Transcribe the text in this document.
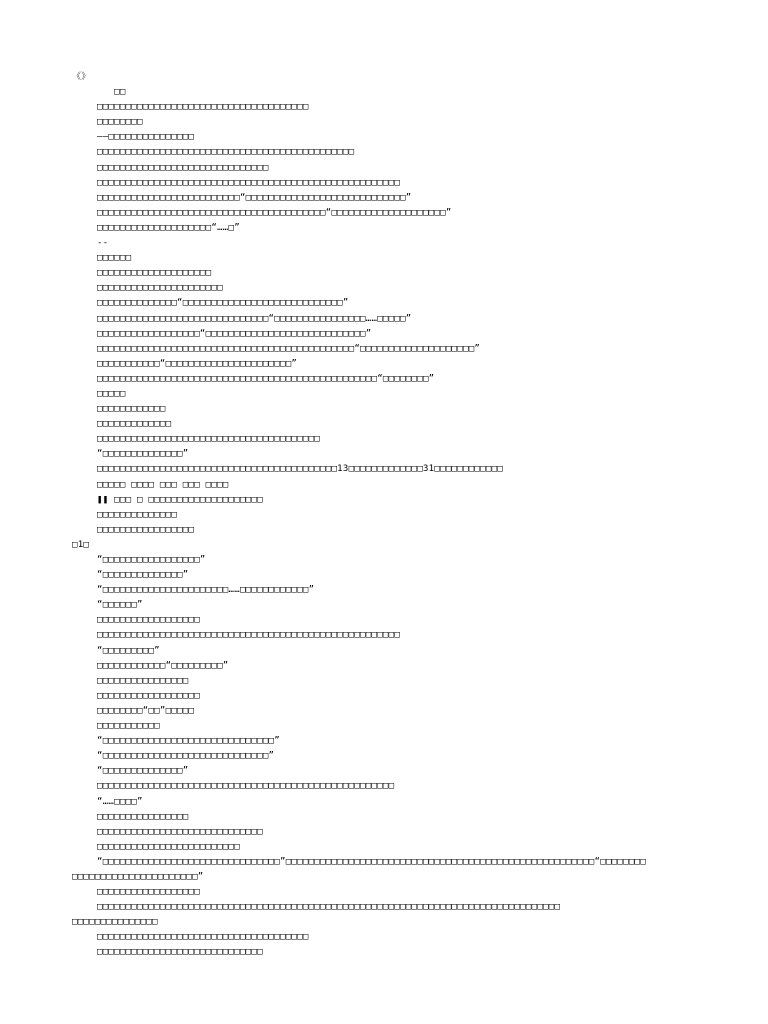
《》
□□
□□□□□□□□□□□□□□□□□□□□□□□□□□□□□□□□□□□□□
□□□□□□□□
——□□□□□□□□□□□□□□□
□□□□□□□□□□□□□□□□□□□□□□□□□□□□□□□□□□□□□□□□□□□□□
□□□□□□□□□□□□□□□□□□□□□□□□□□□□□□
□□□□□□□□□□□□□□□□□□□□□□□□□□□□□□□□□□□□□□□□□□□□□□□□□□□□□
□□□□□□□□□□□□□□□□□□□□□□□□□“□□□□□□□□□□□□□□□□□□□□□□□□□□□□”
□□□□□□□□□□□□□□□□□□□□□□□□□□□□□□□□□□□□□□□□“□□□□□□□□□□□□□□□□□□□□”
□□□□□□□□□□□□□□□□□□□□“……□”
--
□□□□□□
□□□□□□□□□□□□□□□□□□□□
□□□□□□□□□□□□□□□□□□□□□□
□□□□□□□□□□□□□□“□□□□□□□□□□□□□□□□□□□□□□□□□□□□”
□□□□□□□□□□□□□□□□□□□□□□□□□□□□□□“□□□□□□□□□□□□□□□□……□□□□□”
□□□□□□□□□□□□□□□□□□“□□□□□□□□□□□□□□□□□□□□□□□□□□□□”
□□□□□□□□□□□□□□□□□□□□□□□□□□□□□□□□□□□□□□□□□□□□□“□□□□□□□□□□□□□□□□□□□□”
□□□□□□□□□□□“□□□□□□□□□□□□□□□□□□□□□□”
□□□□□□□□□□□□□□□□□□□□□□□□□□□□□□□□□□□□□□□□□□□□□□□□□“□□□□□□□□”
□□□□□
□□□□□□□□□□□□
□□□□□□□□□□□□□
□□□□□□□□□□□□□□□□□□□□□□□□□□□□□□□□□□□□□□□
“□□□□□□□□□□□□□□”
□□□□□□□□□□□□□□□□□□□□□□□□□□□□□□□□□□□□□□□□□□13□□□□□□□□□□□□□31□□□□□□□□□□□□
□□□□□ □□□□ □□□ □□□ □□□□
❚❚ □□□ □ □□□□□□□□□□□□□□□□□□□□
□□□□□□□□□□□□□□
□□□□□□□□□□□□□□□□□
□1□
“□□□□□□□□□□□□□□□□□”
“□□□□□□□□□□□□□□”
“□□□□□□□□□□□□□□□□□□□□□□……□□□□□□□□□□□□”
“□□□□□□”
□□□□□□□□□□□□□□□□□□
□□□□□□□□□□□□□□□□□□□□□□□□□□□□□□□□□□□□□□□□□□□□□□□□□□□□□
“□□□□□□□□□”
□□□□□□□□□□□□“□□□□□□□□□”
□□□□□□□□□□□□□□□□
□□□□□□□□□□□□□□□□□□
□□□□□□□□“□□”□□□□□
□□□□□□□□□□□
“□□□□□□□□□□□□□□□□□□□□□□□□□□□□□□”
“□□□□□□□□□□□□□□□□□□□□□□□□□□□□□”
“□□□□□□□□□□□□□□”
□□□□□□□□□□□□□□□□□□□□□□□□□□□□□□□□□□□□□□□□□□□□□□□□□□□□
“……□□□□”
□□□□□□□□□□□□□□□□
□□□□□□□□□□□□□□□□□□□□□□□□□□□□□
□□□□□□□□□□□□□□□□□□□□□□□□□
“□□□□□□□□□□□□□□□□□□□□□□□□□□□□□□□”□□□□□□□□□□□□□□□□□□□□□□□□□□□□□□□□□□□□□□□□□□□□□□□□□□□□□□“□□□□□□□□
□□□□□□□□□□□□□□□□□□□□□□”
□□□□□□□□□□□□□□□□□□
□□□□□□□□□□□□□□□□□□□□□□□□□□□□□□□□□□□□□□□□□□□□□□□□□□□□□□□□□□□□□□□□□□□□□□□□□□□□□□□□□
□□□□□□□□□□□□□□□
□□□□□□□□□□□□□□□□□□□□□□□□□□□□□□□□□□□□□
□□□□□□□□□□□□□□□□□□□□□□□□□□□□□
